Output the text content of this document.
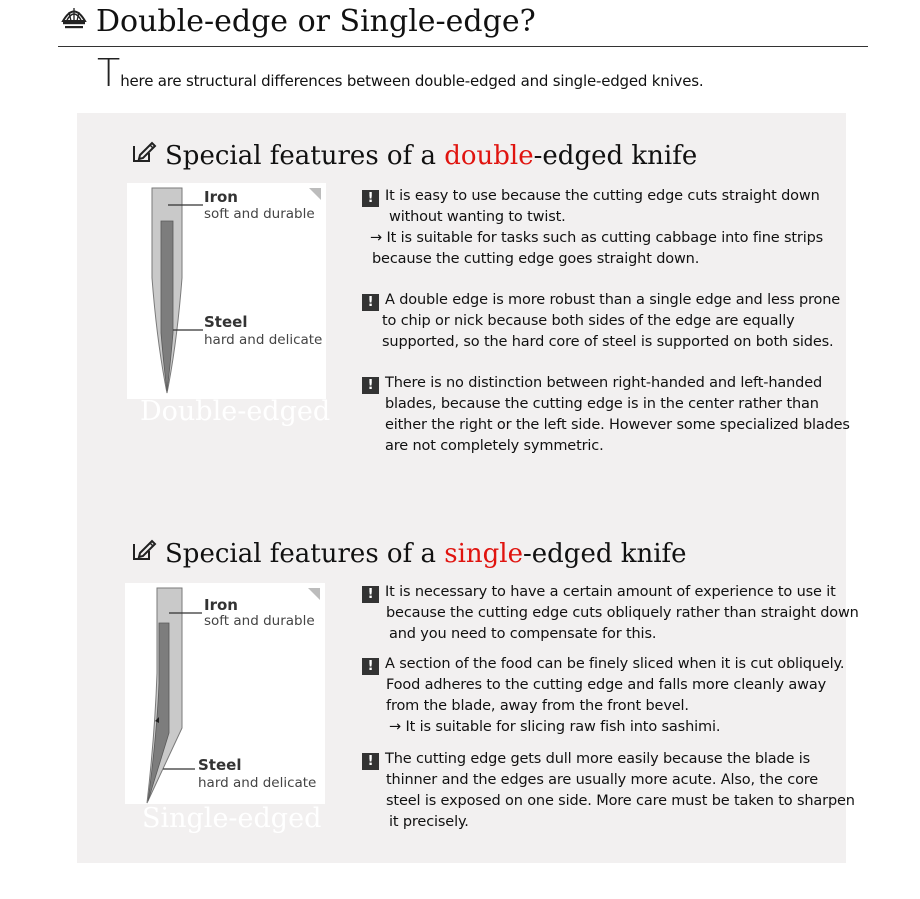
Double-edge or Single-edge?
There are structural differences between double-edged and single-edged knives.
Special features of a double-edged knife
Iron
soft and durable
Steel
hard and delicate
Double-edged
! It is easy to use because the cutting edge cuts straight down
without wanting to twist.
→ It is suitable for tasks such as cutting cabbage into fine strips
because the cutting edge goes straight down.
! A double edge is more robust than a single edge and less prone
to chip or nick because both sides of the edge are equally
supported, so the hard core of steel is supported on both sides.
! There is no distinction between right-handed and left-handed
blades, because the cutting edge is in the center rather than
either the right or the left side. However some specialized blades
are not completely symmetric.
Special features of a single-edged knife
Iron
soft and durable
Steel
hard and delicate
Single-edged
! It is necessary to have a certain amount of experience to use it
because the cutting edge cuts obliquely rather than straight down
and you need to compensate for this.
! A section of the food can be finely sliced when it is cut obliquely.
Food adheres to the cutting edge and falls more cleanly away
from the blade, away from the front bevel.
→ It is suitable for slicing raw fish into sashimi.
! The cutting edge gets dull more easily because the blade is
thinner and the edges are usually more acute. Also, the core
steel is exposed on one side. More care must be taken to sharpen
it precisely.
